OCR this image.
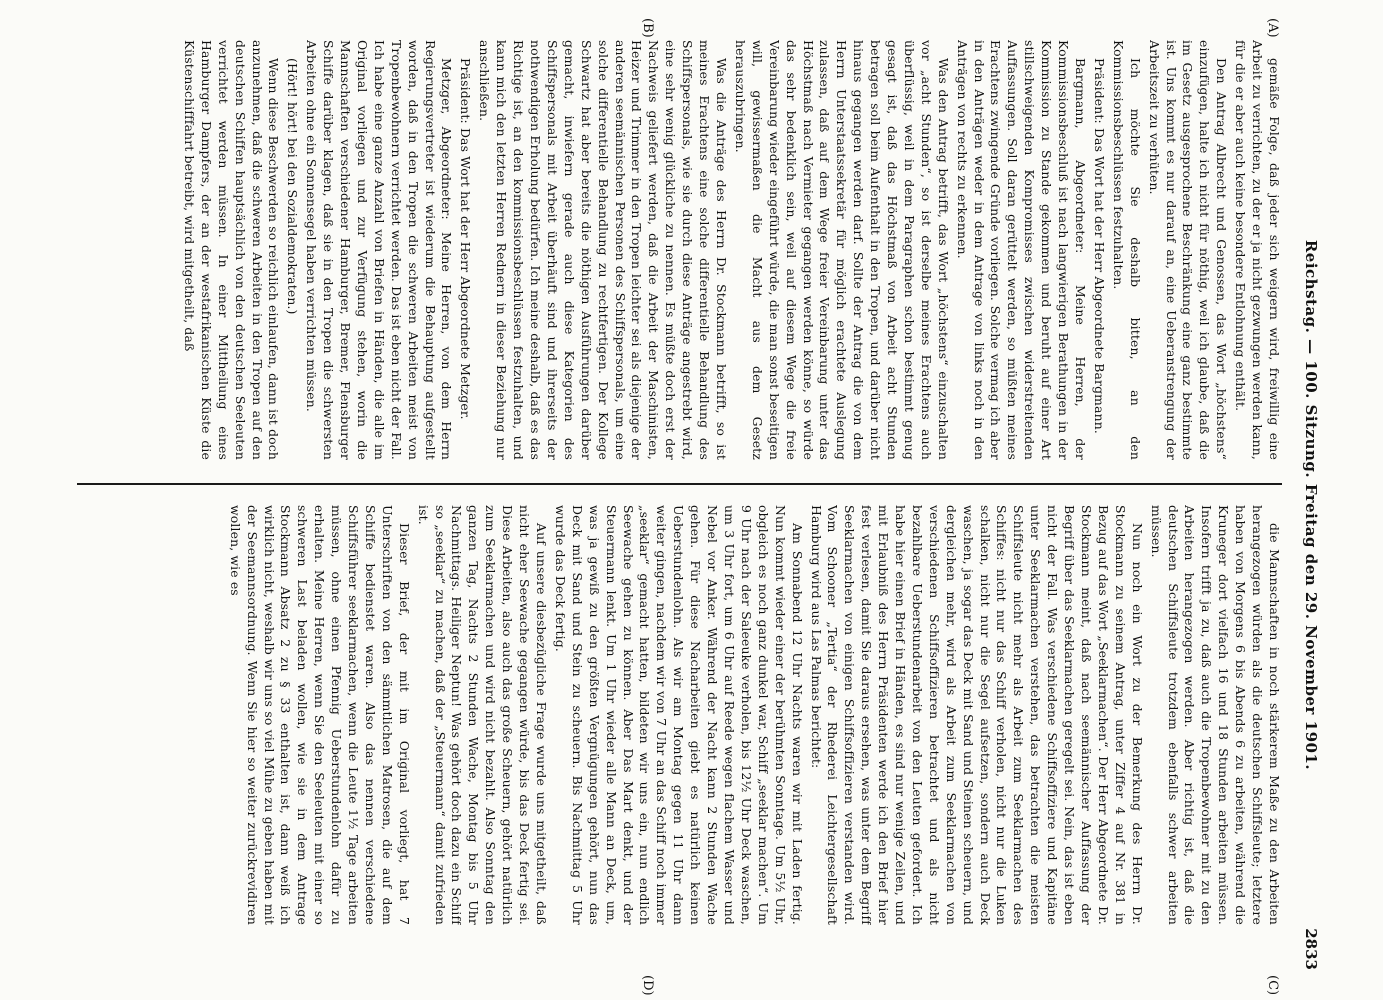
Reichstag. — 100. Sitzung. Freitag den 29. November 1901.
2833
(A)
(B)
(C)
(D)

gemäße Folge, daß jeder sich weigern wird, freiwillig eine Arbeit zu verrichten, zu der er ja nicht gezwungen werden kann, für die er aber auch keine besondere Entlohnung enthält.

Den Antrag Albrecht und Genossen, das Wort „höchstens“ einzufügen, halte ich nicht für nöthig, weil ich glaube, daß die im Gesetz ausgesprochene Beschränkung eine ganz bestimmte ist. Uns kommt es nur darauf an, eine Ueberanstrengung der Arbeitszeit zu verhüten.

Ich möchte Sie deshalb bitten, an den Kommissionsbeschlüssen festzuhalten.

Präsident: Das Wort hat der Herr Abgeordnete Bargmann.

Bargmann, Abgeordneter: Meine Herren, der Kommissionsbeschluß ist nach langwierigen Berathungen in der Kommission zu Stande gekommen und beruht auf einer Art stillschweigenden Kompromisses zwischen widerstreitenden Auffassungen. Soll daran gerüttelt werden, so müßten meines Erachtens zwingende Gründe vorliegen. Solche vermag ich aber in den Anträgen weder in dem Antrage von links noch in den Anträgen von rechts zu erkennen.

Was den Antrag betrifft, das Wort „höchstens“ einzuschalten vor „acht Stunden“, so ist derselbe meines Erachtens auch überflüssig, weil in dem Paragraphen schon bestimmt genug gesagt ist, daß das Höchstmaß von Arbeit acht Stunden betragen soll beim Aufenthalt in den Tropen, und darüber nicht hinaus gegangen werden darf. Sollte der Antrag die von dem Herrn Unterstaatssekretär für möglich erachtete Auslegung zulassen, daß auf dem Wege freier Vereinbarung unter das Höchstmaß nach Vermieter gegangen werden könne, so würde das sehr bedenklich sein, weil auf diesem Wege die freie Vereinbarung wieder eingeführt würde, die man sonst beseitigen will, gewissermaßen die Macht aus dem Gesetz herauszubringen.

Was die Anträge des Herrn Dr. Stockmann betrifft, so ist meines Erachtens eine solche differentielle Behandlung des Schiffspersonals, wie sie durch diese Anträge angestrebt wird, eine sehr wenig glückliche zu nennen. Es müßte doch erst der Nachweis geliefert werden, daß die Arbeit der Maschinisten, Heizer und Trimmer in den Tropen leichter sei als diejenige der anderen seemännischen Personen des Schiffspersonals, um eine solche differentielle Behandlung zu rechtfertigen. Der Kollege Schwartz hat aber bereits die nöthigen Ausführungen darüber gemacht, inwiefern gerade auch diese Kategorien des Schiffspersonals mit Arbeit überhäuft sind und ihrerseits der nothwendigen Erholung bedürfen. Ich meine deshalb, daß es das Richtige ist, an den kommissionsbeschlüssen festzuhalten, und kann mich den letzten Herren Rednern in dieser Beziehung nur anschließen.

Präsident: Das Wort hat der Herr Abgeordnete Metzger.

Metzger, Abgeordneter: Meine Herren, von dem Herrn Regierungsvertreter ist wiederum die Behauptung aufgestellt worden, daß in den Tropen die schweren Arbeiten meist von Tropenbewohnern verrichtet werden. Das ist eben nicht der Fall. Ich habe eine ganze Anzahl von Briefen in Händen, die alle im Original vorliegen und zur Verfügung stehen, worin die Mannschaften verschiedener Hamburger, Bremer, Flensburger Schiffe darüber klagen, daß sie in den Tropen die schwersten Arbeiten ohne ein Sonnensegel haben verrichten müssen.

(Hört! hört! bei den Sozialdemokraten.)

Wenn diese Beschwerden so reichlich einlaufen, dann ist doch anzunehmen, daß die schweren Arbeiten in den Tropen auf den deutschen Schiffen hauptsächlich von den deutschen Seeleuten verrichtet werden müssen. In einer Mittheilung eines Hamburger Dampfers, der an der westafrikanischen Küste die Küstenschifffahrt betreibt, wird mitgetheilt, daß

die Mannschaften in noch stärkerem Maße zu den Arbeiten herangezogen würden als die deutschen Schiffsleute; letztere haben von Morgens 6 bis Abends 6 zu arbeiten, während die Kruneger dort vielfach 16 und 18 Stunden arbeiten müssen. Insofern trifft ja zu, daß auch die Tropenbewohner mit zu den Arbeiten herangezogen werden. Aber richtig ist, daß die deutschen Schiffsleute trotzdem ebenfalls schwer arbeiten müssen.

Nun noch ein Wort zu der Bemerkung des Herrn Dr. Stockmann zu seinem Antrag, unter Ziffer 4 auf Nr. 381 in Bezug auf das Wort „Seeklarmachen“. Der Herr Abgeordnete Dr. Stockmann meint, daß nach seemännischer Auffassung der Begriff über das Seeklarmachen geregelt sei. Nein, das ist eben nicht der Fall. Was verschiedene Schiffsoffiziere und Kapitäne unter Seeklarmachen verstehen, das betrachten die meisten Schiffsleute nicht mehr als Arbeit zum Seeklarmachen des Schiffes: nicht nur das Schiff verholen, nicht nur die Luken schalken, nicht nur die Segel aufsetzen, sondern auch Deck waschen, ja sogar das Deck mit Sand und Steinen scheuern, und dergleichen mehr, wird als Arbeit zum Seeklarmachen von verschiedenen Schiffsoffizieren betrachtet und als nicht bezahlbare Ueberstundenarbeit von den Leuten gefordert. Ich habe hier einen Brief in Händen, es sind nur wenige Zeilen, und mit Erlaubniß des Herrn Präsidenten werde ich den Brief hier fest verlesen, damit Sie daraus ersehen, was unter dem Begriff Seeklarmachen von einigen Schiffsoffizieren verstanden wird. Vom Schooner „Tertia“ der Rhederei Leichtergesellschaft Hamburg wird aus Las Palmas berichtet:

Am Sonnabend 12 Uhr Nachts waren wir mit Laden fertig. Nun kommt wieder einer der berühmten Sonntage. Um 5½ Uhr, obgleich es noch ganz dunkel war, Schiff „seeklar machen“. Um 9 Uhr nach der Saleeuke verholen, bis 12½ Uhr Deck waschen, um 3 Uhr fort, um 6 Uhr auf Reede wegen flachem Wasser und Nebel vor Anker. Während der Nacht kann 2 Stunden Wache gehen. Für diese Nacharbeiten giebt es natürlich keinen Ueberstundenlohn. Als wir am Montag gegen 11 Uhr dann weiter gingen, nachdem wir von 7 Uhr an das Schiff noch immer „seeklar“ gemacht hatten, bildeten wir uns ein, nun endlich Seewache gehen zu können. Aber Das Mart denkt, und der Steuermann lenkt. Um 1 Uhr wieder alle Mann an Deck, um, was ja gewiß zu den größten Vergnügungen gehört, nun das Deck mit Sand und Stein zu scheuern. Bis Nachmittag 5 Uhr wurde das Deck fertig.

Auf unsere diesbezügliche Frage wurde uns mitgetheilt, daß nicht eher Seewache gegangen würde, bis das Deck fertig sei. Diese Arbeiten, also auch das große Scheuern, gehört natürlich zum Seeklarmachen und wird nicht bezahlt. Also Sonntag den ganzen Tag, Nachts 2 Stunden Wache, Montag bis 5 Uhr Nachmittags. Heiliger Neptun! Was gehört doch dazu ein Schiff so „seeklar“ zu machen, daß der „Steuermann“ damit zufrieden ist.

Dieser Brief, der mit im Original vorliegt, hat 7 Unterschriften von den sämmtlichen Matrosen, die auf dem Schiffe bedienstet waren. Also das nennen verschiedene Schiffsführer seeklarmachen, wenn die Leute 1½ Tage arbeiten müssen, ohne einen Pfennig Ueberstundenlohn dafür zu erhalten. Meine Herren, wenn Sie den Seeleuten mit einer so schweren Last beladen wollen, wie sie in dem Antrage Stockmann Absatz 2 zu § 33 enthalten ist, dann weiß ich wirklich nicht, weshalb wir uns so viel Mühe zu geben haben mit der Seemannsordnung. Wenn Sie hier so weiter zurückrevidiren wollen, wie es
